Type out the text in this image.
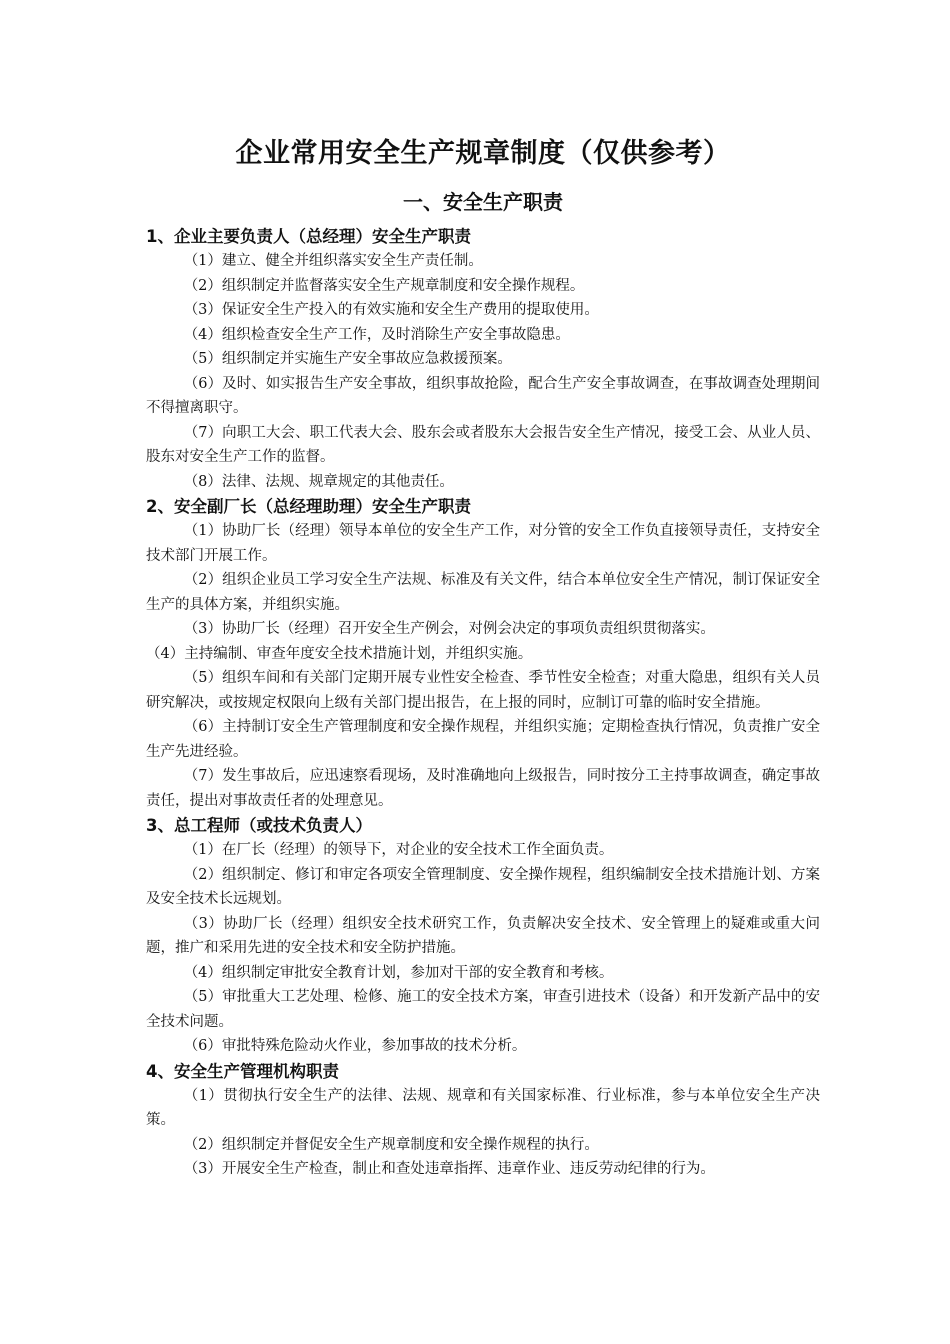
企业常用安全生产规章制度（仅供参考）
一、安全生产职责

1、企业主要负责人（总经理）安全生产职责

（1）建立、健全并组织落实安全生产责任制。

（2）组织制定并监督落实安全生产规章制度和安全操作规程。

（3）保证安全生产投入的有效实施和安全生产费用的提取使用。

（4）组织检查安全生产工作，及时消除生产安全事故隐患。

（5）组织制定并实施生产安全事故应急救援预案。

（6）及时、如实报告生产安全事故，组织事故抢险，配合生产安全事故调查，在事故调查处理期间不得擅离职守。

（7）向职工大会、职工代表大会、股东会或者股东大会报告安全生产情况，接受工会、从业人员、股东对安全生产工作的监督。

（8）法律、法规、规章规定的其他责任。

2、安全副厂长（总经理助理）安全生产职责

（1）协助厂长（经理）领导本单位的安全生产工作，对分管的安全工作负直接领导责任，支持安全技术部门开展工作。

（2）组织企业员工学习安全生产法规、标准及有关文件，结合本单位安全生产情况，制订保证安全生产的具体方案，并组织实施。

（3）协助厂长（经理）召开安全生产例会，对例会决定的事项负责组织贯彻落实。

（4）主持编制、审查年度安全技术措施计划，并组织实施。

（5）组织车间和有关部门定期开展专业性安全检查、季节性安全检查；对重大隐患，组织有关人员研究解决，或按规定权限向上级有关部门提出报告，在上报的同时，应制订可靠的临时安全措施。

（6）主持制订安全生产管理制度和安全操作规程，并组织实施；定期检查执行情况，负责推广安全生产先进经验。

（7）发生事故后，应迅速察看现场，及时准确地向上级报告，同时按分工主持事故调查，确定事故责任，提出对事故责任者的处理意见。

3、总工程师（或技术负责人）

（1）在厂长（经理）的领导下，对企业的安全技术工作全面负责。

（2）组织制定、修订和审定各项安全管理制度、安全操作规程，组织编制安全技术措施计划、方案及安全技术长远规划。

（3）协助厂长（经理）组织安全技术研究工作，负责解决安全技术、安全管理上的疑难或重大问题，推广和采用先进的安全技术和安全防护措施。

（4）组织制定审批安全教育计划，参加对干部的安全教育和考核。

（5）审批重大工艺处理、检修、施工的安全技术方案，审查引进技术（设备）和开发新产品中的安全技术问题。

（6）审批特殊危险动火作业，参加事故的技术分析。

4、安全生产管理机构职责

（1）贯彻执行安全生产的法律、法规、规章和有关国家标准、行业标准，参与本单位安全生产决策。

（2）组织制定并督促安全生产规章制度和安全操作规程的执行。

（3）开展安全生产检查，制止和查处违章指挥、违章作业、违反劳动纪律的行为。
